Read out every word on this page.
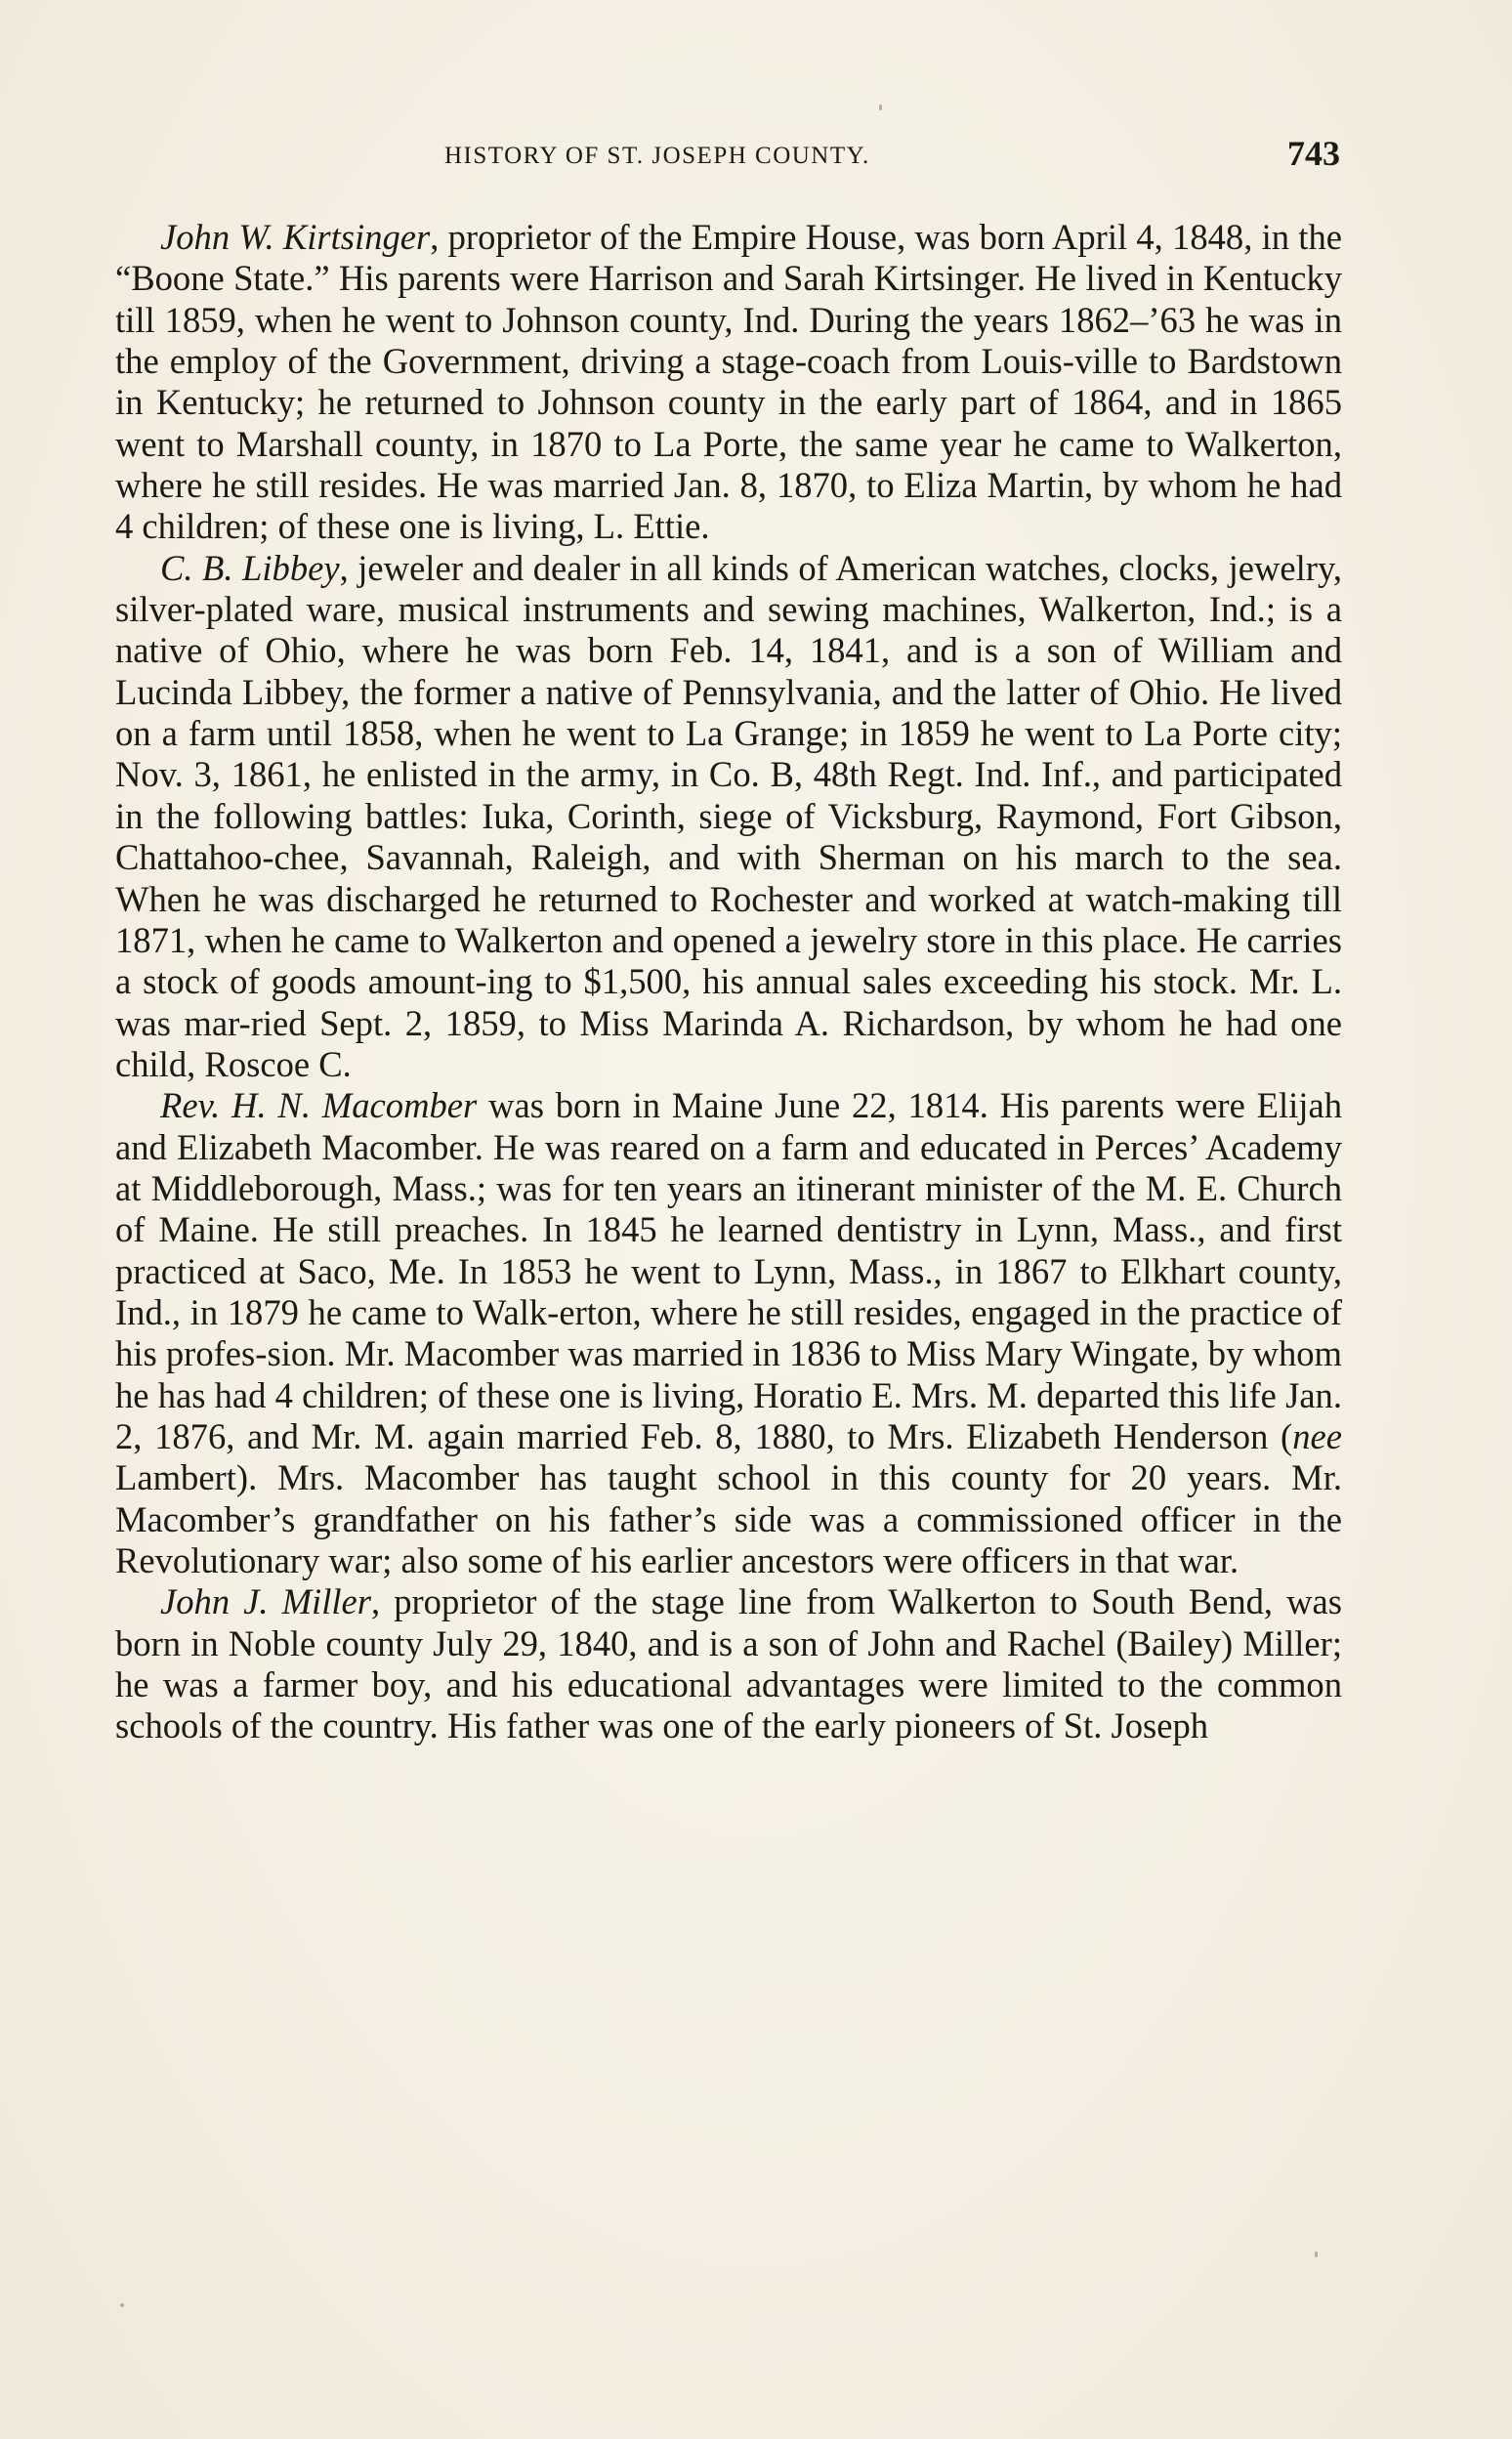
HISTORY OF ST. JOSEPH COUNTY.	743

John W. Kirtsinger, proprietor of the Empire House, was born April 4, 1848, in the “Boone State.” His parents were Harrison and Sarah Kirtsinger. He lived in Kentucky till 1859, when he went to Johnson county, Ind. During the years 1862–’63 he was in the employ of the Government, driving a stage-coach from Louis-ville to Bardstown in Kentucky; he returned to Johnson county in the early part of 1864, and in 1865 went to Marshall county, in 1870 to La Porte, the same year he came to Walkerton, where he still resides. He was married Jan. 8, 1870, to Eliza Martin, by whom he had 4 children; of these one is living, L. Ettie.

C. B. Libbey, jeweler and dealer in all kinds of American watches, clocks, jewelry, silver-plated ware, musical instruments and sewing machines, Walkerton, Ind.; is a native of Ohio, where he was born Feb. 14, 1841, and is a son of William and Lucinda Libbey, the former a native of Pennsylvania, and the latter of Ohio. He lived on a farm until 1858, when he went to La Grange; in 1859 he went to La Porte city; Nov. 3, 1861, he enlisted in the army, in Co. B, 48th Regt. Ind. Inf., and participated in the following battles: Iuka, Corinth, siege of Vicksburg, Raymond, Fort Gibson, Chattahoo-chee, Savannah, Raleigh, and with Sherman on his march to the sea. When he was discharged he returned to Rochester and worked at watch-making till 1871, when he came to Walkerton and opened a jewelry store in this place. He carries a stock of goods amount-ing to $1,500, his annual sales exceeding his stock. Mr. L. was mar-ried Sept. 2, 1859, to Miss Marinda A. Richardson, by whom he had one child, Roscoe C.

Rev. H. N. Macomber was born in Maine June 22, 1814. His parents were Elijah and Elizabeth Macomber. He was reared on a farm and educated in Perces’ Academy at Middleborough, Mass.; was for ten years an itinerant minister of the M. E. Church of Maine. He still preaches. In 1845 he learned dentistry in Lynn, Mass., and first practiced at Saco, Me. In 1853 he went to Lynn, Mass., in 1867 to Elkhart county, Ind., in 1879 he came to Walk-erton, where he still resides, engaged in the practice of his profes-sion. Mr. Macomber was married in 1836 to Miss Mary Wingate, by whom he has had 4 children; of these one is living, Horatio E. Mrs. M. departed this life Jan. 2, 1876, and Mr. M. again married Feb. 8, 1880, to Mrs. Elizabeth Henderson (nee Lambert). Mrs. Macomber has taught school in this county for 20 years. Mr. Macomber’s grandfather on his father’s side was a commissioned officer in the Revolutionary war; also some of his earlier ancestors were officers in that war.

John J. Miller, proprietor of the stage line from Walkerton to South Bend, was born in Noble county July 29, 1840, and is a son of John and Rachel (Bailey) Miller; he was a farmer boy, and his educational advantages were limited to the common schools of the country. His father was one of the early pioneers of St. Joseph
